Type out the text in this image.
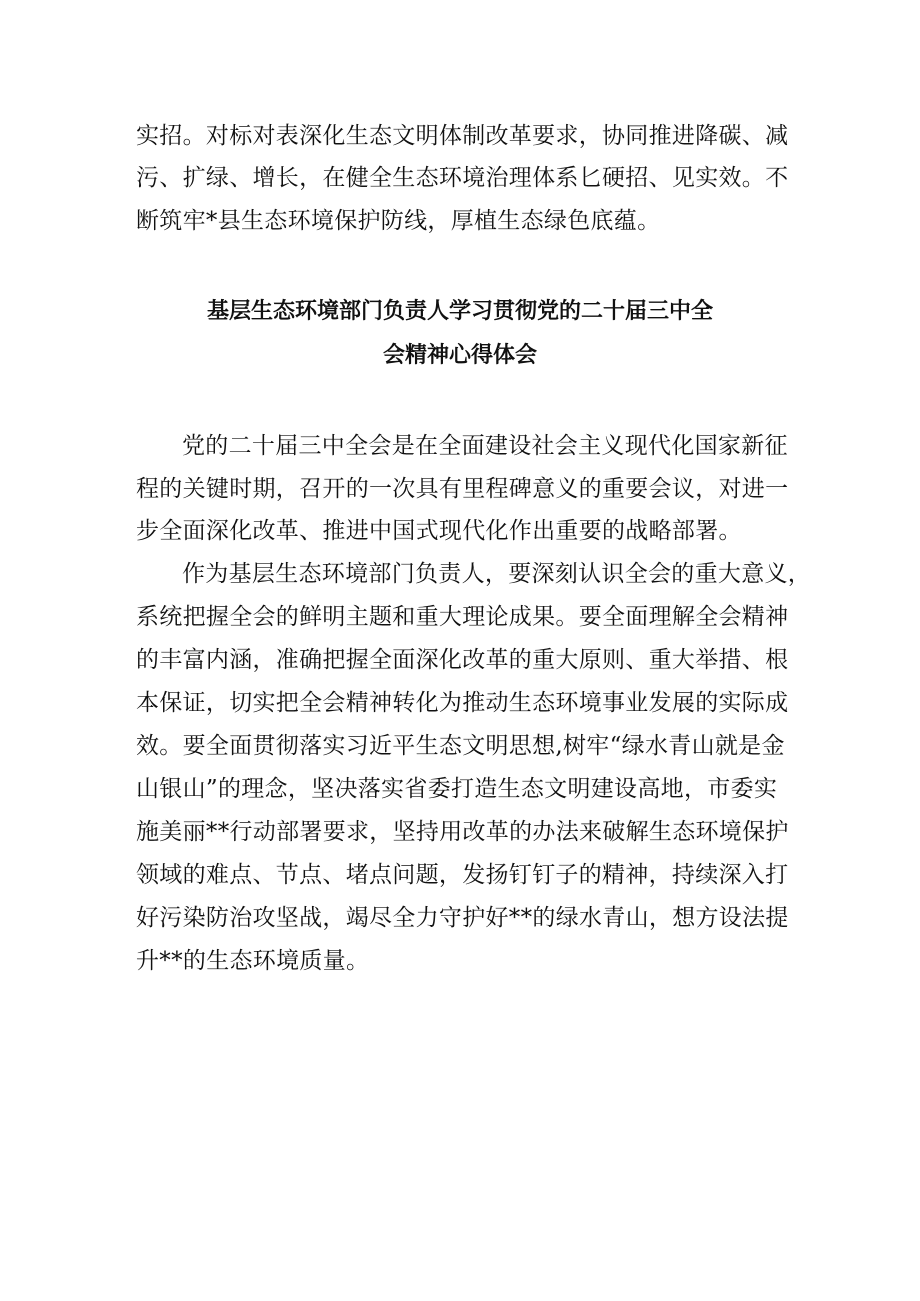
实招。对标对表深化生态文明体制改革要求，协同推进降碳、减
污、扩绿、增长，在健全生态环境治理体系匕硬招、见实效。不
断筑牢*县生态环境保护防线，厚植生态绿色底蕴。
基层生态环境部门负责人学习贯彻党的二十届三中全
会精神心得体会
党的二十届三中全会是在全面建设社会主义现代化国家新征
程的关键时期，召开的一次具有里程碑意义的重要会议，对进一
步全面深化改革、推进中国式现代化作出重要的战略部署。
作为基层生态环境部门负责人，要深刻认识全会的重大意义，
系统把握全会的鲜明主题和重大理论成果。要全面理解全会精神
的丰富内涵，准确把握全面深化改革的重大原则、重大举措、根
本保证，切实把全会精神转化为推动生态环境事业发展的实际成
效。要全面贯彻落实习近平生态文明思想,树牢“绿水青山就是金
山银山”的理念，坚决落实省委打造生态文明建设高地，市委实
施美丽**行动部署要求，坚持用改革的办法来破解生态环境保护
领域的难点、节点、堵点问题，发扬钉钉子的精神，持续深入打
好污染防治攻坚战，竭尽全力守护好**的绿水青山，想方设法提
升**的生态环境质量。
